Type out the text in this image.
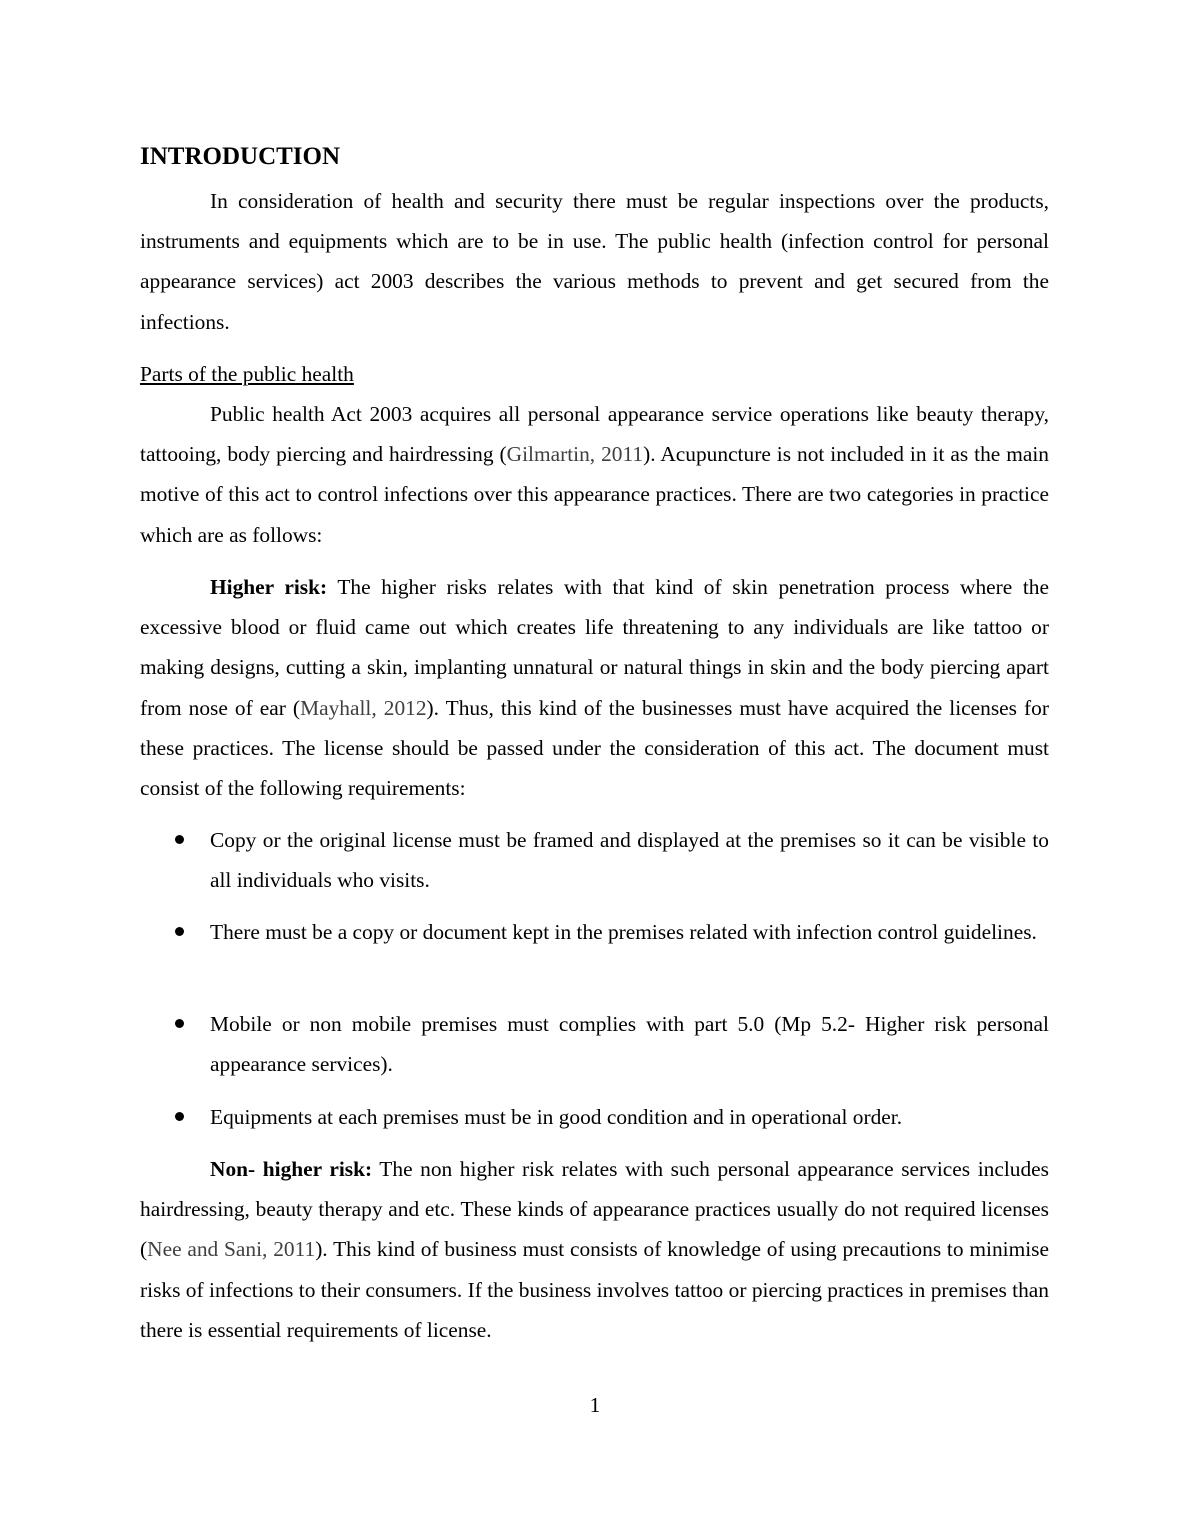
INTRODUCTION

In consideration of health and security there must be regular inspections over the products, instruments and equipments which are to be in use. The public health (infection control for personal appearance services) act 2003 describes the various methods to prevent and get secured from the infections.

Parts of the public health

Public health Act 2003 acquires all personal appearance service operations like beauty therapy, tattooing, body piercing and hairdressing (Gilmartin, 2011). Acupuncture is not included in it as the main motive of this act to control infections over this appearance practices. There are two categories in practice which are as follows:

Higher risk: The higher risks relates with that kind of skin penetration process where the excessive blood or fluid came out which creates life threatening to any individuals are like tattoo or making designs, cutting a skin, implanting unnatural or natural things in skin and the body piercing apart from nose of ear (Mayhall, 2012). Thus, this kind of the businesses must have acquired the licenses for these practices. The license should be passed under the consideration of this act. The document must consist of the following requirements:

Copy or the original license must be framed and displayed at the premises so it can be visible to all individuals who visits.
There must be a copy or document kept in the premises related with infection control guidelines.
Mobile or non mobile premises must complies with part 5.0 (Mp 5.2- Higher risk personal appearance services).
Equipments at each premises must be in good condition and in operational order.

Non- higher risk: The non higher risk relates with such personal appearance services includes hairdressing, beauty therapy and etc. These kinds of appearance practices usually do not required licenses (Nee and Sani, 2011). This kind of business must consists of knowledge of using precautions to minimise risks of infections to their consumers. If the business involves tattoo or piercing practices in premises than there is essential requirements of license.

1
